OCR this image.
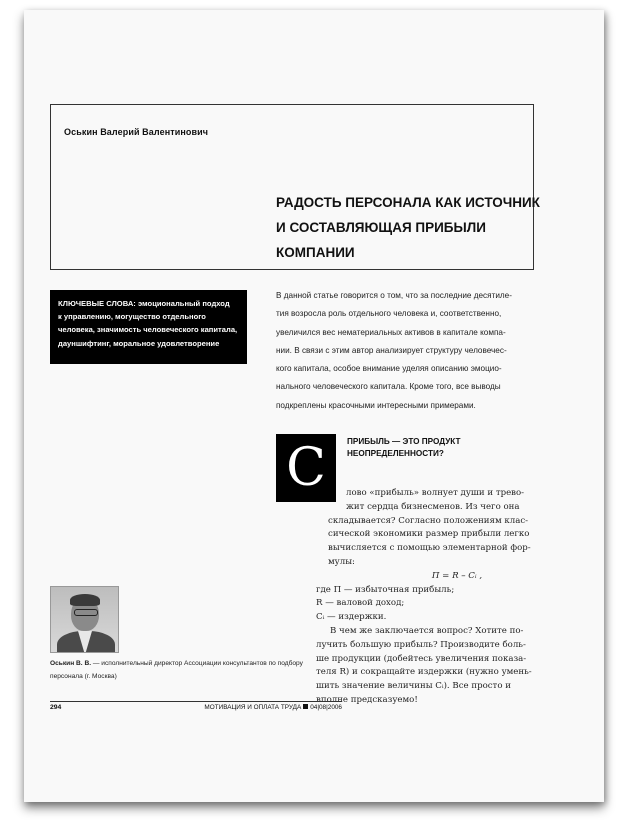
Оськин Валерий Валентинович
РАДОСТЬ ПЕРСОНАЛА КАК ИСТОЧНИК
И СОСТАВЛЯЮЩАЯ ПРИБЫЛИ
КОМПАНИИ
КЛЮЧЕВЫЕ СЛОВА: эмоциональный подход
к управлению, могущество отдельного
человека, значимость человеческого капитала,
дауншифтинг, моральное удовлетворение
В данной статье говорится о том, что за последние десятиле-
тия возросла роль отдельного человека и, соответственно,
увеличился вес нематериальных активов в капитале компа-
нии. В связи с этим автор анализирует структуру человечес-
кого капитала, особое внимание уделяя описанию эмоцио-
нального человеческого капитала. Кроме того, все выводы
подкреплены красочными интересными примерами.
С	ПРИБЫЛЬ — ЭТО ПРОДУКТ
НЕОПРЕДЕЛЕННОСТИ?
лово «прибыль» волнует души и трево-
жит сердца бизнесменов. Из чего она
складывается? Согласно положениям клас-
сической экономики размер прибыли легко
вычисляется с помощью элементарной фор-
мулы:
П = R – Cᵢ ,
где П — избыточная прибыль;
R — валовой доход;
Cᵢ — издержки.
В чем же заключается вопрос? Хотите по-
лучить большую прибыль? Производите боль-
ше продукции (добейтесь увеличения показа-
теля R) и сокращайте издержки (нужно умень-
шить значение величины Cᵢ). Все просто и
вполне предсказуемо!
Оськин В. В. — исполнительный директор Ассоциации консультантов по подбору
персонала (г. Москва)
294	МОТИВАЦИЯ И ОПЛАТА ТРУДА 04|08|2006
